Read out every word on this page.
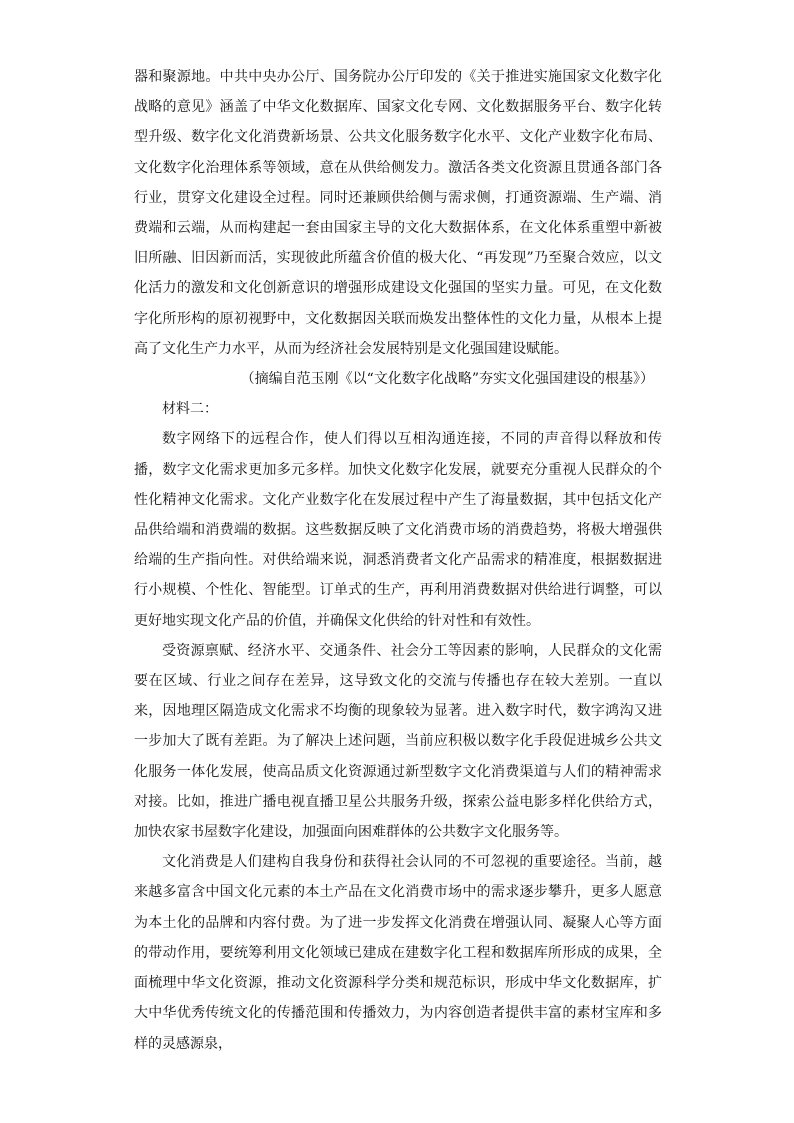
器和聚源地。中共中央办公厅、国务院办公厅印发的《关于推进实施国家文化数字化战略的意见》涵盖了中华文化数据库、国家文化专网、文化数据服务平台、数字化转型升级、数字化文化消费新场景、公共文化服务数字化水平、文化产业数字化布局、文化数字化治理体系等领域，意在从供给侧发力。激活各类文化资源且贯通各部门各行业，贯穿文化建设全过程。同时还兼顾供给侧与需求侧，打通资源端、生产端、消费端和云端，从而构建起一套由国家主导的文化大数据体系，在文化体系重塑中新被旧所融、旧因新而活，实现彼此所蕴含价值的极大化、“再发现”乃至聚合效应，以文化活力的激发和文化创新意识的增强形成建设文化强国的坚实力量。可见，在文化数字化所形构的原初视野中，文化数据因关联而焕发出整体性的文化力量，从根本上提高了文化生产力水平，从而为经济社会发展特别是文化强国建设赋能。

（摘编自范玉刚《以“文化数字化战略”夯实文化强国建设的根基》）

材料二：

数字网络下的远程合作，使人们得以互相沟通连接，不同的声音得以释放和传播，数字文化需求更加多元多样。加快文化数字化发展，就要充分重视人民群众的个性化精神文化需求。文化产业数字化在发展过程中产生了海量数据，其中包括文化产品供给端和消费端的数据。这些数据反映了文化消费市场的消费趋势，将极大增强供给端的生产指向性。对供给端来说，洞悉消费者文化产品需求的精准度，根据数据进行小规模、个性化、智能型。订单式的生产，再利用消费数据对供给进行调整，可以更好地实现文化产品的价值，并确保文化供给的针对性和有效性。

受资源禀赋、经济水平、交通条件、社会分工等因素的影响，人民群众的文化需要在区域、行业之间存在差异，这导致文化的交流与传播也存在较大差别。一直以来，因地理区隔造成文化需求不均衡的现象较为显著。进入数字时代，数字鸿沟又进一步加大了既有差距。为了解决上述问题，当前应积极以数字化手段促进城乡公共文化服务一体化发展，使高品质文化资源通过新型数字文化消费渠道与人们的精神需求对接。比如，推进广播电视直播卫星公共服务升级，探索公益电影多样化供给方式，加快农家书屋数字化建设，加强面向困难群体的公共数字文化服务等。

文化消费是人们建构自我身份和获得社会认同的不可忽视的重要途径。当前，越来越多富含中国文化元素的本土产品在文化消费市场中的需求逐步攀升，更多人愿意为本土化的品牌和内容付费。为了进一步发挥文化消费在增强认同、凝聚人心等方面的带动作用，要统筹利用文化领域已建成在建数字化工程和数据库所形成的成果，全面梳理中华文化资源，推动文化资源科学分类和规范标识，形成中华文化数据库，扩大中华优秀传统文化的传播范围和传播效力，为内容创造者提供丰富的素材宝库和多样的灵感源泉，
